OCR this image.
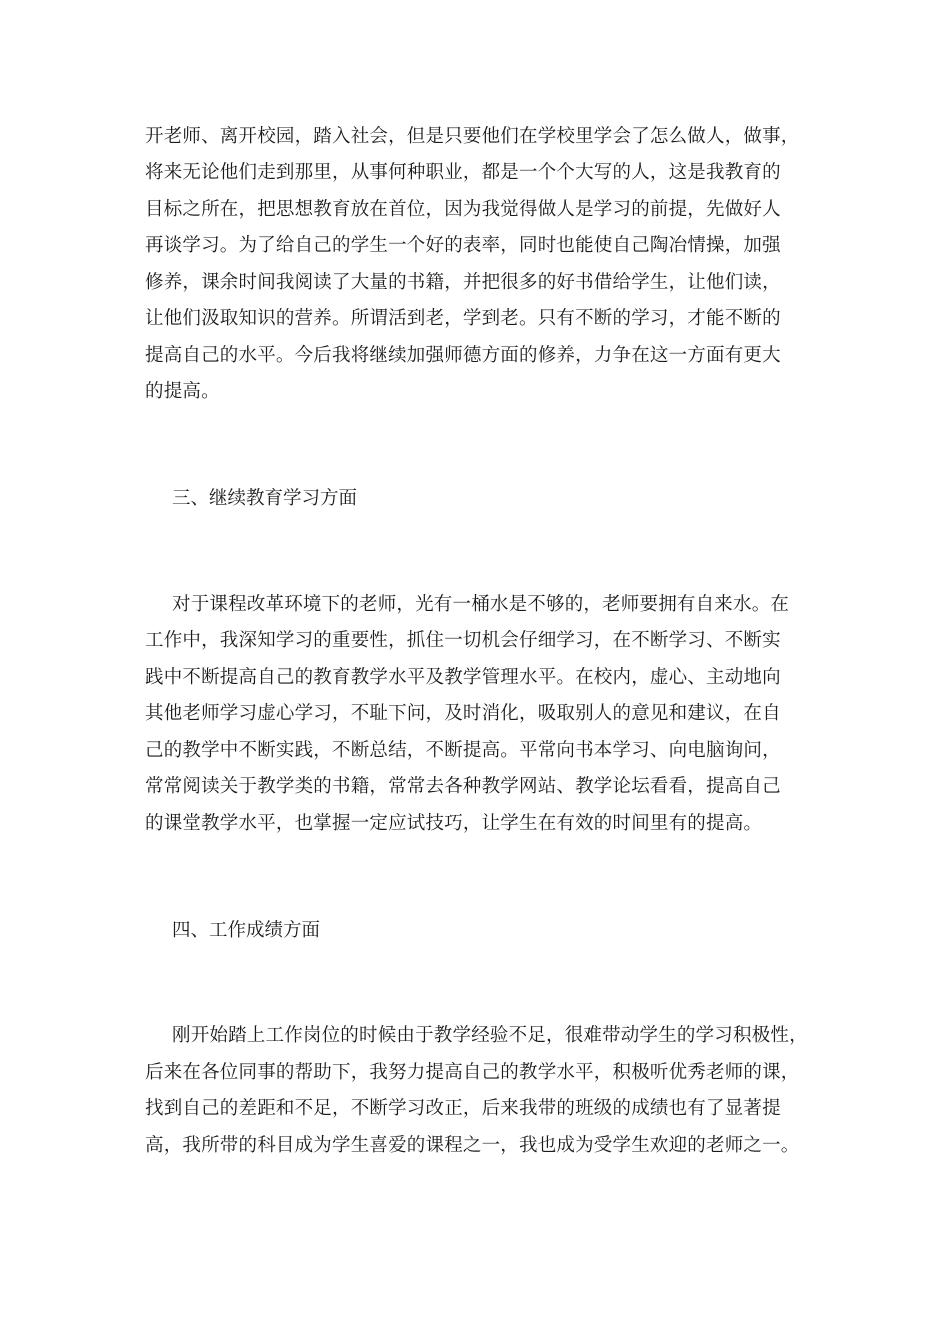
开老师、离开校园，踏入社会，但是只要他们在学校里学会了怎么做人，做事，
将来无论他们走到那里，从事何种职业，都是一个个大写的人，这是我教育的
目标之所在，把思想教育放在首位，因为我觉得做人是学习的前提，先做好人
再谈学习。为了给自己的学生一个好的表率，同时也能使自己陶冶情操，加强
修养，课余时间我阅读了大量的书籍，并把很多的好书借给学生，让他们读，
让他们汲取知识的营养。所谓活到老，学到老。只有不断的学习，才能不断的
提高自己的水平。今后我将继续加强师德方面的修养，力争在这一方面有更大
的提高。
三、继续教育学习方面
对于课程改革环境下的老师，光有一桶水是不够的，老师要拥有自来水。在
工作中，我深知学习的重要性，抓住一切机会仔细学习，在不断学习、不断实
践中不断提高自己的教育教学水平及教学管理水平。在校内，虚心、主动地向
其他老师学习虚心学习，不耻下问，及时消化，吸取别人的意见和建议，在自
己的教学中不断实践，不断总结，不断提高。平常向书本学习、向电脑询问，
常常阅读关于教学类的书籍，常常去各种教学网站、教学论坛看看，提高自己
的课堂教学水平，也掌握一定应试技巧，让学生在有效的时间里有的提高。
四、工作成绩方面
刚开始踏上工作岗位的时候由于教学经验不足，很难带动学生的学习积极性，
后来在各位同事的帮助下，我努力提高自己的教学水平，积极听优秀老师的课，
找到自己的差距和不足，不断学习改正，后来我带的班级的成绩也有了显著提
高，我所带的科目成为学生喜爱的课程之一，我也成为受学生欢迎的老师之一。
